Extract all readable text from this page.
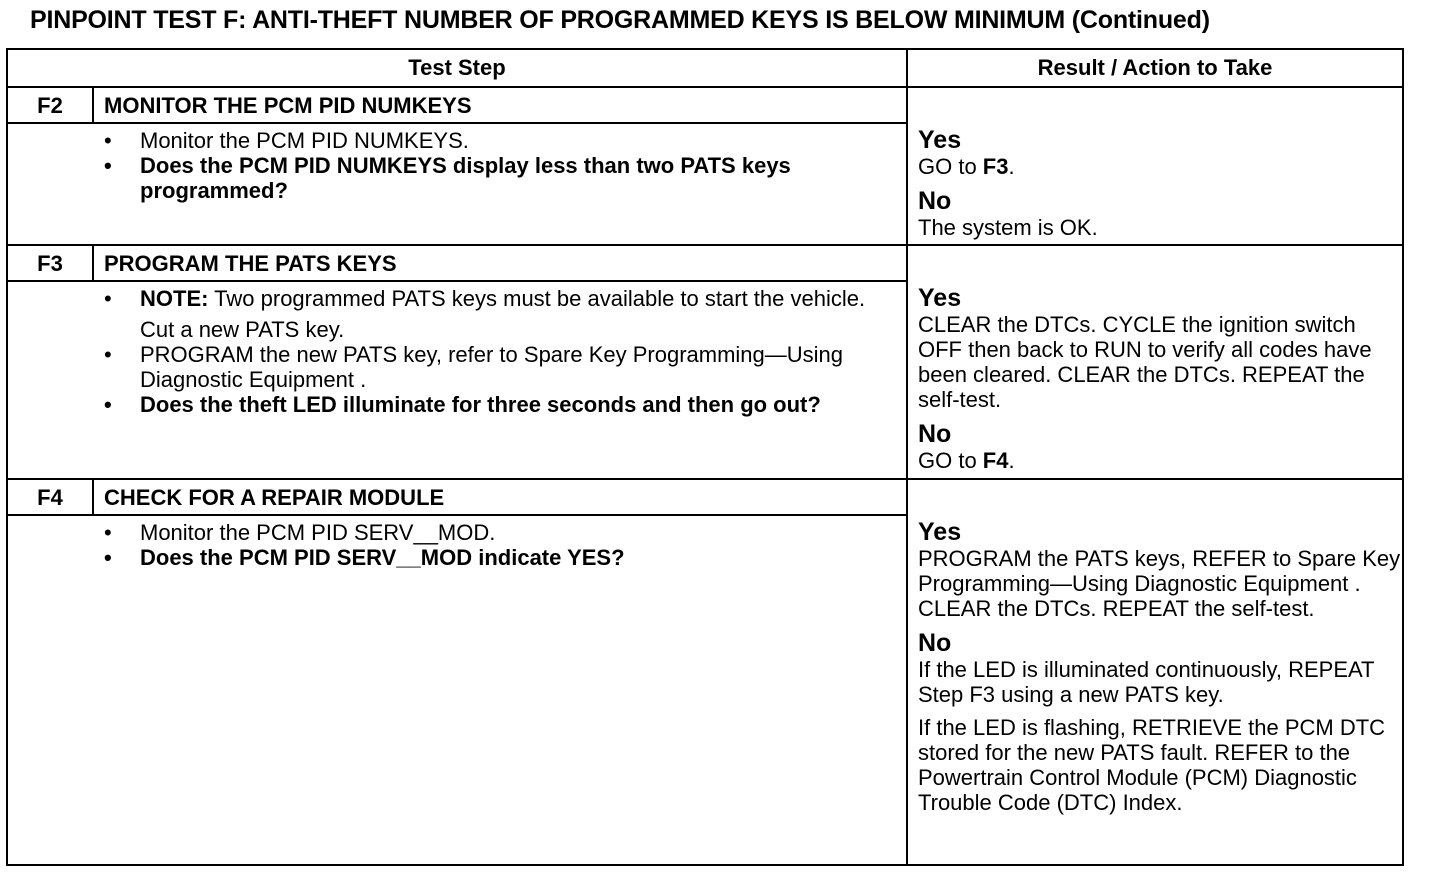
PINPOINT TEST F: ANTI-THEFT NUMBER OF PROGRAMMED KEYS IS BELOW MINIMUM (Continued)
Test Step	Result / Action to Take
F2	MONITOR THE PCM PID NUMKEYS
• Monitor the PCM PID NUMKEYS.
• Does the PCM PID NUMKEYS display less than two PATS keys programmed?
Yes
GO to F3.
No
The system is OK.
F3	PROGRAM THE PATS KEYS
• NOTE: Two programmed PATS keys must be available to start the vehicle.
Cut a new PATS key.
• PROGRAM the new PATS key, refer to Spare Key Programming—Using Diagnostic Equipment .
• Does the theft LED illuminate for three seconds and then go out?
Yes
CLEAR the DTCs. CYCLE the ignition switch OFF then back to RUN to verify all codes have been cleared. CLEAR the DTCs. REPEAT the self-test.
No
GO to F4.
F4	CHECK FOR A REPAIR MODULE
• Monitor the PCM PID SERV__MOD.
• Does the PCM PID SERV__MOD indicate YES?
Yes
PROGRAM the PATS keys, REFER to Spare Key Programming—Using Diagnostic Equipment . CLEAR the DTCs. REPEAT the self-test.
No
If the LED is illuminated continuously, REPEAT Step F3 using a new PATS key.
If the LED is flashing, RETRIEVE the PCM DTC stored for the new PATS fault. REFER to the Powertrain Control Module (PCM) Diagnostic Trouble Code (DTC) Index.
